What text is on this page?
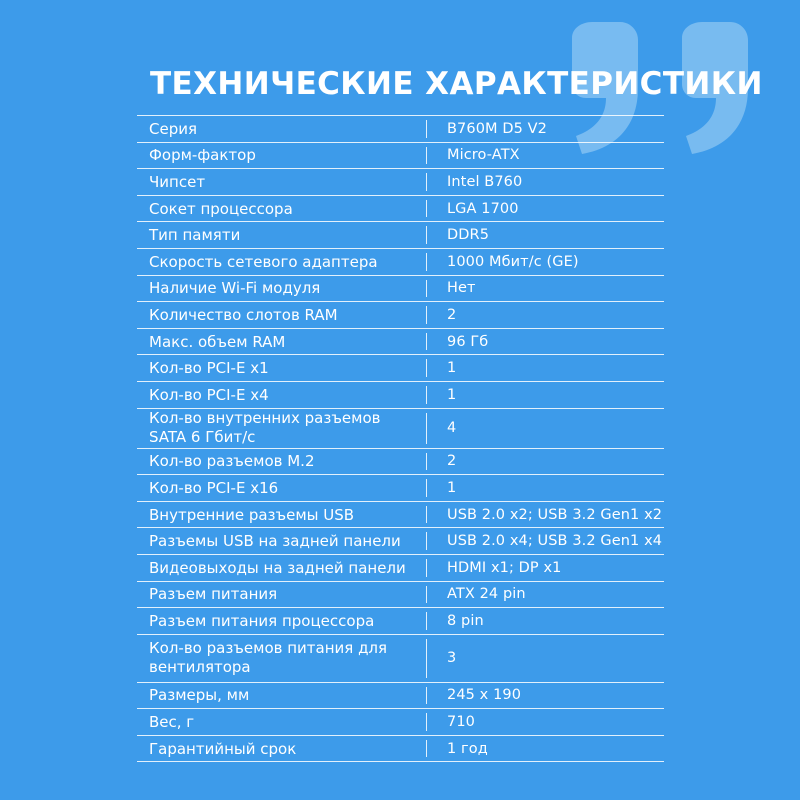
ТЕХНИЧЕСКИЕ ХАРАКТЕРИСТИКИ
Серия	B760M D5 V2
Форм-фактор	Micro-ATX
Чипсет	Intel B760
Сокет процессора	LGA 1700
Тип памяти	DDR5
Скорость сетевого адаптера	1000 Мбит/с (GE)
Наличие Wi-Fi модуля	Нет
Количество слотов RAM	2
Макс. объем RAM	96 Гб
Кол-во PCI-E x1	1
Кол-во PCI-E x4	1
Кол-во внутренних разъемов SATA 6 Гбит/с	4
Кол-во разъемов M.2	2
Кол-во PCI-E x16	1
Внутренние разъемы USB	USB 2.0 x2; USB 3.2 Gen1 x2
Разъемы USB на задней панели	USB 2.0 x4; USB 3.2 Gen1 x4
Видеовыходы на задней панели	HDMI x1; DP x1
Разъем питания	ATX 24 pin
Разъем питания процессора	8 pin
Кол-во разъемов питания для вентилятора	3
Размеры, мм	245 x 190
Вес, г	710
Гарантийный срок	1 год
